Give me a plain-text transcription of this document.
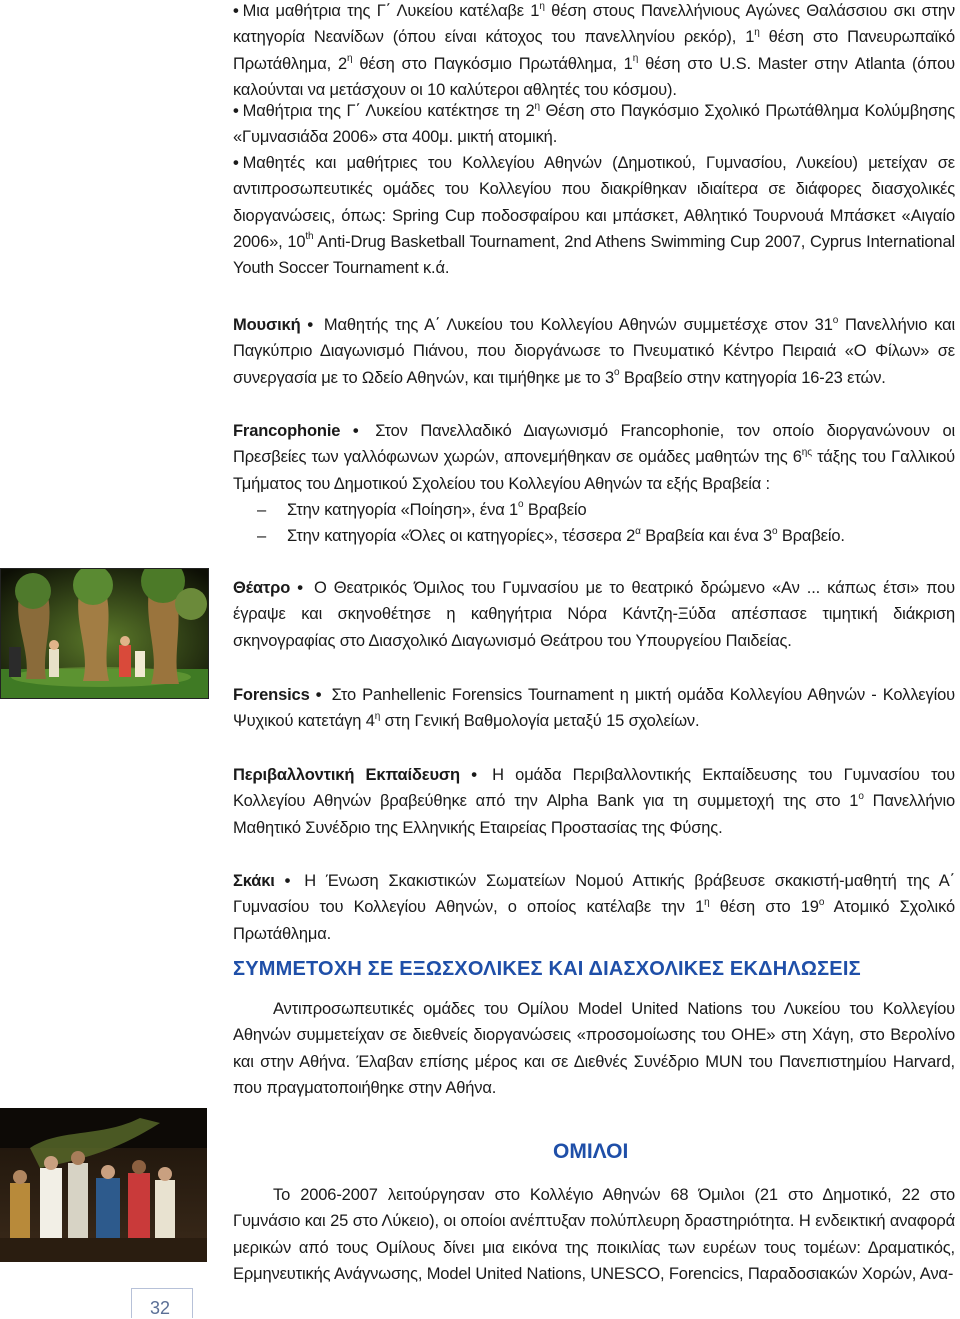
• Μια μαθήτρια της Γ΄ Λυκείου κατέλαβε $1^\eta$ θέση στους Πανελλήνιους Αγώνες Θαλάσσιου σκι στην κατηγορία Νεανίδων (όπου είναι κάτοχος του πανελληνίου ρεκόρ), $1^\eta$ θέση στο Πανευρωπαϊκό Πρωτάθλημα, $2^\eta$ θέση στο Παγκόσμιο Πρωτάθλημα, $1^\eta$ θέση στο U.S. Master στην Atlanta (όπου καλούνται να μετάσχουν οι 10 καλύτεροι αθλητές του κόσμου).

• Μαθήτρια της Γ΄ Λυκείου κατέκτησε τη $2^\eta$ Θέση στο Παγκόσμιο Σχολικό Πρωτάθλημα Κολύμβησης «Γυμνασιάδα 2006» στα 400μ. μικτή ατομική.

• Μαθητές και μαθήτριες του Κολλεγίου Αθηνών (Δημοτικού, Γυμνασίου, Λυκείου) μετείχαν σε αντιπροσωπευτικές ομάδες του Κολλεγίου που διακρίθηκαν ιδιαίτερα σε διάφορες διασχολικές διοργανώσεις, όπως: Spring Cup ποδοσφαίρου και μπάσκετ, Αθλητικό Τουρνουά Μπάσκετ «Αιγαίο 2006», 10th Anti-Drug Basketball Tournament, 2nd Athens Swimming Cup 2007, Cyprus International Youth Soccer Tournament κ.ά.

Μουσική • Μαθητής της Α΄ Λυκείου του Κολλεγίου Αθηνών συμμετέσχε στον $31^o$ Πανελλήνιο και Παγκύπριο Διαγωνισμό Πιάνου, που διοργάνωσε το Πνευματικό Κέντρο Πειραιά «Ο Φίλων» σε συνεργασία με το Ωδείο Αθηνών, και τιμήθηκε με το $3^o$ Βραβείο στην κατηγορία 16-23 ετών.

Francophonie • Στον Πανελλαδικό Διαγωνισμό Francophonie, τον οποίο διοργανώνουν οι Πρεσβείες των γαλλόφωνων χωρών, απονεμήθηκαν σε ομάδες μαθητών της $6^{\eta\varsigma}$ τάξης του Γαλλικού Τμήματος του Δημοτικού Σχολείου του Κολλεγίου Αθηνών τα εξής Βραβεία :
– Στην κατηγορία «Ποίηση», ένα $1^o$ Βραβείο
– Στην κατηγορία «Όλες οι κατηγορίες», τέσσερα $2^\alpha$ Βραβεία και ένα $3^o$ Βραβείο.

Θέατρο • Ο Θεατρικός Όμιλος του Γυμνασίου με το θεατρικό δρώμενο «Αν ... κάπως έτσι» που έγραψε και σκηνοθέτησε η καθηγήτρια Νόρα Κάντζη-Ξύδα απέσπασε τιμητική διάκριση σκηνογραφίας στο Διασχολικό Διαγωνισμό Θεάτρου του Υπουργείου Παιδείας.

Forensics • Στο Panhellenic Forensics Tournament η μικτή ομάδα Κολλεγίου Αθηνών - Κολλεγίου Ψυχικού κατετάγη $4^\eta$ στη Γενική Βαθμολογία μεταξύ 15 σχολείων.

Περιβαλλοντική Εκπαίδευση • Η ομάδα Περιβαλλοντικής Εκπαίδευσης του Γυμνασίου του Κολλεγίου Αθηνών βραβεύθηκε από την Alpha Bank για τη συμμετοχή της στο $1^o$ Πανελλήνιο Μαθητικό Συνέδριο της Ελληνικής Εταιρείας Προστασίας της Φύσης.

Σκάκι • Η Ένωση Σκακιστικών Σωματείων Νομού Αττικής βράβευσε σκακιστή-μαθητή της Α΄ Γυμνασίου του Κολλεγίου Αθηνών, ο οποίος κατέλαβε την $1^\eta$ θέση στο $19^o$ Ατομικό Σχολικό Πρωτάθλημα.

ΣΥΜΜΕΤΟΧΗ ΣΕ ΕΞΩΣΧΟΛΙΚΕΣ ΚΑΙ ΔΙΑΣΧΟΛΙΚΕΣ ΕΚΔΗΛΩΣΕΙΣ

Αντιπροσωπευτικές ομάδες του Ομίλου Model United Nations του Λυκείου του Κολλεγίου Αθηνών συμμετείχαν σε διεθνείς διοργανώσεις «προσομοίωσης του ΟΗΕ» στη Χάγη, στο Βερολίνο και στην Αθήνα. Έλαβαν επίσης μέρος και σε Διεθνές Συνέδριο MUN του Πανεπιστημίου Harvard, που πραγματοποιήθηκε στην Αθήνα.

ΟΜΙΛΟΙ

Το 2006-2007 λειτούργησαν στο Κολλέγιο Αθηνών 68 Όμιλοι (21 στο Δημοτικό, 22 στο Γυμνάσιο και 25 στο Λύκειο), οι οποίοι ανέπτυξαν πολύπλευρη δραστηριότητα. Η ενδεικτική αναφορά μερικών από τους Ομίλους δίνει μια εικόνα της ποικιλίας των ευρέων τους τομέων: Δραματικός, Ερμηνευτικής Ανάγνωσης, Model United Nations, UNESCO, Forencics, Παραδοσιακών Χορών, Ανα-

32
